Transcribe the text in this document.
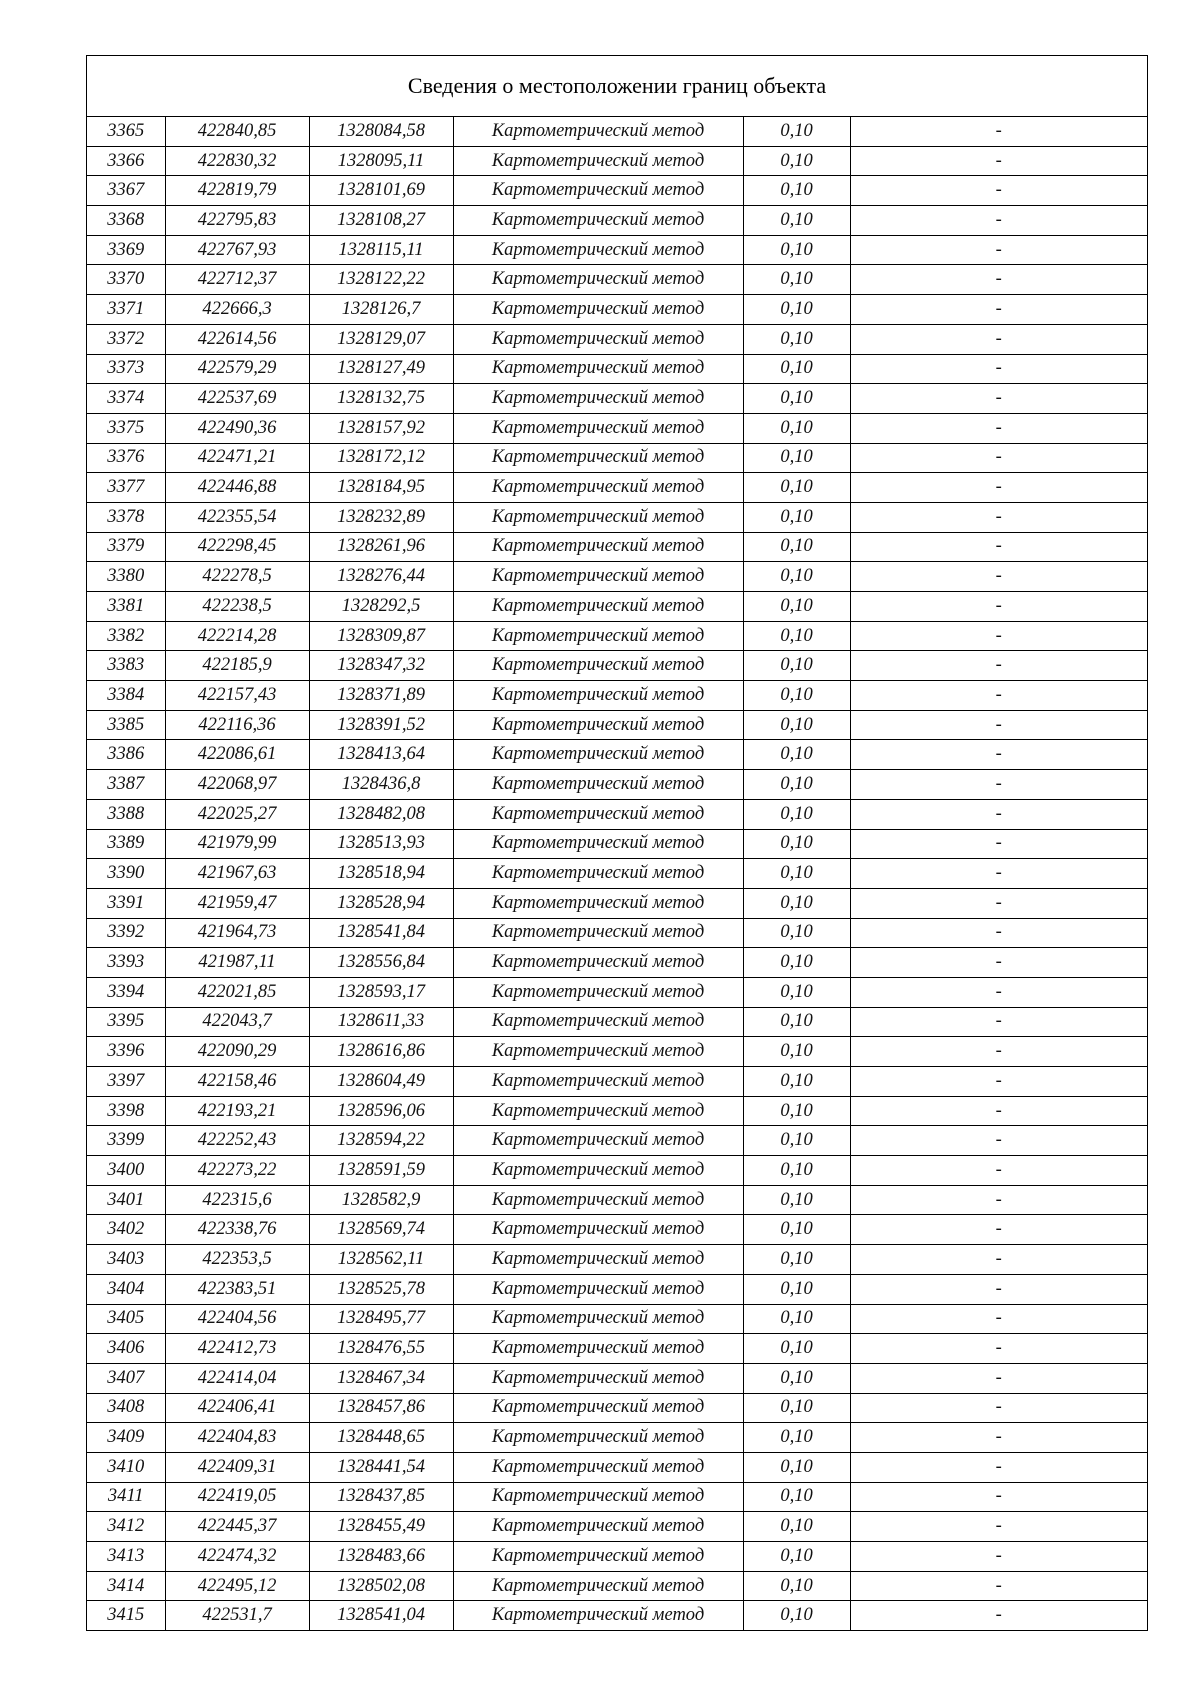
Сведения о местоположении границ объекта
3365	422840,85	1328084,58	Картометрический метод	0,10	-
3366	422830,32	1328095,11	Картометрический метод	0,10	-
3367	422819,79	1328101,69	Картометрический метод	0,10	-
3368	422795,83	1328108,27	Картометрический метод	0,10	-
3369	422767,93	1328115,11	Картометрический метод	0,10	-
3370	422712,37	1328122,22	Картометрический метод	0,10	-
3371	422666,3	1328126,7	Картометрический метод	0,10	-
3372	422614,56	1328129,07	Картометрический метод	0,10	-
3373	422579,29	1328127,49	Картометрический метод	0,10	-
3374	422537,69	1328132,75	Картометрический метод	0,10	-
3375	422490,36	1328157,92	Картометрический метод	0,10	-
3376	422471,21	1328172,12	Картометрический метод	0,10	-
3377	422446,88	1328184,95	Картометрический метод	0,10	-
3378	422355,54	1328232,89	Картометрический метод	0,10	-
3379	422298,45	1328261,96	Картометрический метод	0,10	-
3380	422278,5	1328276,44	Картометрический метод	0,10	-
3381	422238,5	1328292,5	Картометрический метод	0,10	-
3382	422214,28	1328309,87	Картометрический метод	0,10	-
3383	422185,9	1328347,32	Картометрический метод	0,10	-
3384	422157,43	1328371,89	Картометрический метод	0,10	-
3385	422116,36	1328391,52	Картометрический метод	0,10	-
3386	422086,61	1328413,64	Картометрический метод	0,10	-
3387	422068,97	1328436,8	Картометрический метод	0,10	-
3388	422025,27	1328482,08	Картометрический метод	0,10	-
3389	421979,99	1328513,93	Картометрический метод	0,10	-
3390	421967,63	1328518,94	Картометрический метод	0,10	-
3391	421959,47	1328528,94	Картометрический метод	0,10	-
3392	421964,73	1328541,84	Картометрический метод	0,10	-
3393	421987,11	1328556,84	Картометрический метод	0,10	-
3394	422021,85	1328593,17	Картометрический метод	0,10	-
3395	422043,7	1328611,33	Картометрический метод	0,10	-
3396	422090,29	1328616,86	Картометрический метод	0,10	-
3397	422158,46	1328604,49	Картометрический метод	0,10	-
3398	422193,21	1328596,06	Картометрический метод	0,10	-
3399	422252,43	1328594,22	Картометрический метод	0,10	-
3400	422273,22	1328591,59	Картометрический метод	0,10	-
3401	422315,6	1328582,9	Картометрический метод	0,10	-
3402	422338,76	1328569,74	Картометрический метод	0,10	-
3403	422353,5	1328562,11	Картометрический метод	0,10	-
3404	422383,51	1328525,78	Картометрический метод	0,10	-
3405	422404,56	1328495,77	Картометрический метод	0,10	-
3406	422412,73	1328476,55	Картометрический метод	0,10	-
3407	422414,04	1328467,34	Картометрический метод	0,10	-
3408	422406,41	1328457,86	Картометрический метод	0,10	-
3409	422404,83	1328448,65	Картометрический метод	0,10	-
3410	422409,31	1328441,54	Картометрический метод	0,10	-
3411	422419,05	1328437,85	Картометрический метод	0,10	-
3412	422445,37	1328455,49	Картометрический метод	0,10	-
3413	422474,32	1328483,66	Картометрический метод	0,10	-
3414	422495,12	1328502,08	Картометрический метод	0,10	-
3415	422531,7	1328541,04	Картометрический метод	0,10	-
